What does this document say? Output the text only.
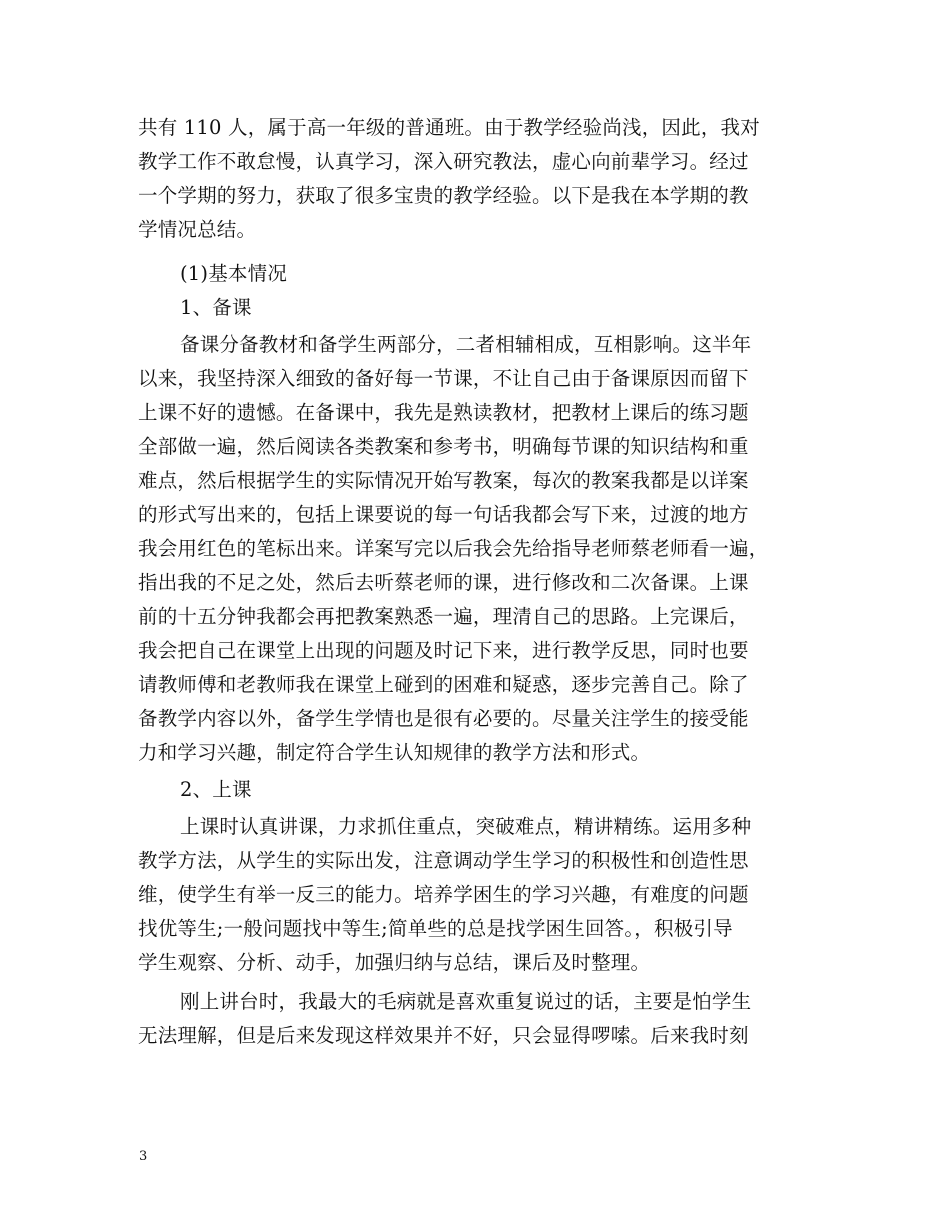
共有 110 人，属于高一年级的普通班。由于教学经验尚浅，因此，我对
教学工作不敢怠慢，认真学习，深入研究教法，虚心向前辈学习。经过
一个学期的努力，获取了很多宝贵的教学经验。以下是我在本学期的教
学情况总结。
(1)基本情况
1、备课
备课分备教材和备学生两部分，二者相辅相成，互相影响。这半年
以来，我坚持深入细致的备好每一节课，不让自己由于备课原因而留下
上课不好的遗憾。在备课中，我先是熟读教材，把教材上课后的练习题
全部做一遍，然后阅读各类教案和参考书，明确每节课的知识结构和重
难点，然后根据学生的实际情况开始写教案，每次的教案我都是以详案
的形式写出来的，包括上课要说的每一句话我都会写下来，过渡的地方
我会用红色的笔标出来。详案写完以后我会先给指导老师蔡老师看一遍，
指出我的不足之处，然后去听蔡老师的课，进行修改和二次备课。上课
前的十五分钟我都会再把教案熟悉一遍，理清自己的思路。上完课后，
我会把自己在课堂上出现的问题及时记下来，进行教学反思，同时也要
请教师傅和老教师我在课堂上碰到的困难和疑惑，逐步完善自己。除了
备教学内容以外，备学生学情也是很有必要的。尽量关注学生的接受能
力和学习兴趣，制定符合学生认知规律的教学方法和形式。
2、上课
上课时认真讲课，力求抓住重点，突破难点，精讲精练。运用多种
教学方法，从学生的实际出发，注意调动学生学习的积极性和创造性思
维，使学生有举一反三的能力。培养学困生的学习兴趣，有难度的问题
找优等生;一般问题找中等生;简单些的总是找学困生回答。，积极引导
学生观察、分析、动手，加强归纳与总结，课后及时整理。
刚上讲台时，我最大的毛病就是喜欢重复说过的话，主要是怕学生
无法理解，但是后来发现这样效果并不好，只会显得啰嗦。后来我时刻
3
